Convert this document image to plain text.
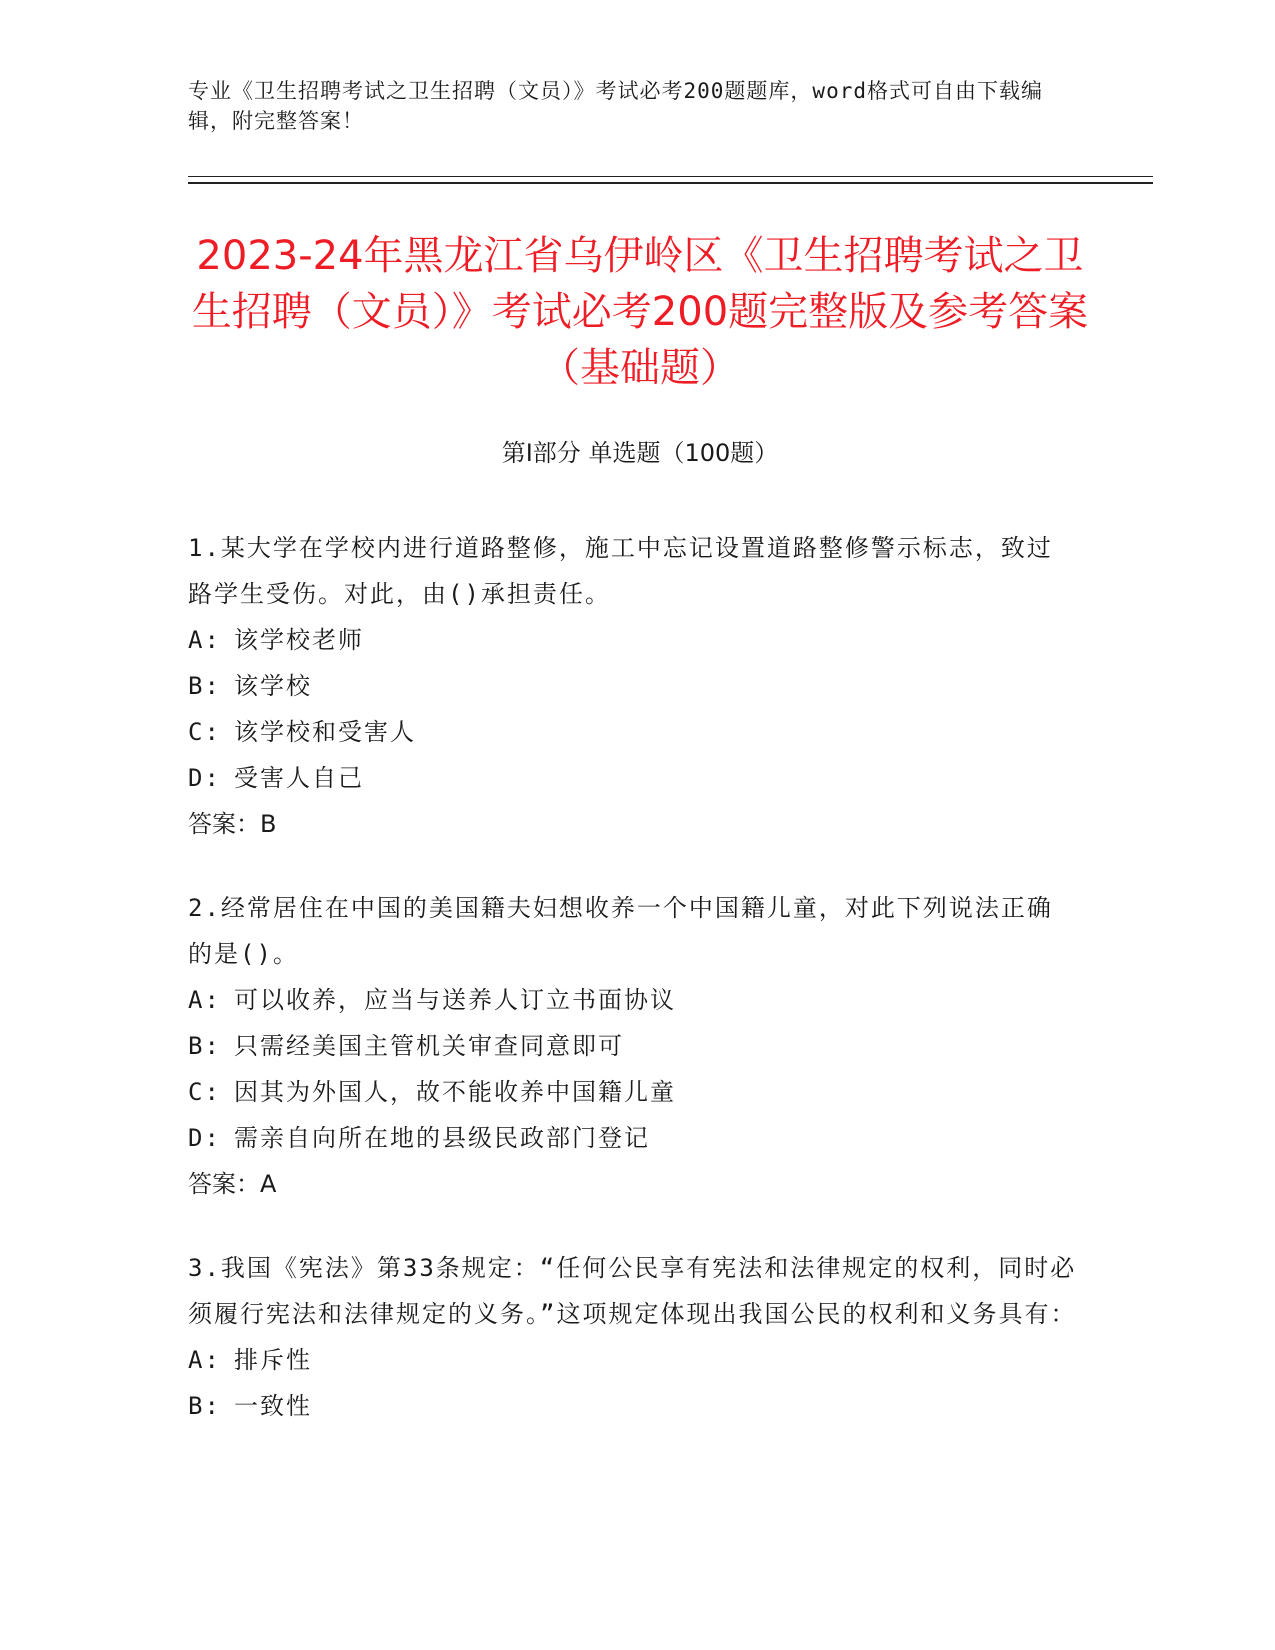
专业《卫生招聘考试之卫生招聘（文员）》考试必考200题题库，word格式可自由下载编辑，附完整答案！
2023-24年黑龙江省乌伊岭区《卫生招聘考试之卫生招聘（文员）》考试必考200题完整版及参考答案（基础题）
第Ⅰ部分 单选题（100题）
1.某大学在学校内进行道路整修，施工中忘记设置道路整修警示标志，致过路学生受伤。对此，由()承担责任。
A: 该学校老师
B: 该学校
C: 该学校和受害人
D: 受害人自己
答案：B
2.经常居住在中国的美国籍夫妇想收养一个中国籍儿童，对此下列说法正确的是()。
A: 可以收养，应当与送养人订立书面协议
B: 只需经美国主管机关审查同意即可
C: 因其为外国人，故不能收养中国籍儿童
D: 需亲自向所在地的县级民政部门登记
答案：A
3.我国《宪法》第33条规定：“任何公民享有宪法和法律规定的权利，同时必须履行宪法和法律规定的义务。”这项规定体现出我国公民的权利和义务具有：
A: 排斥性
B: 一致性
